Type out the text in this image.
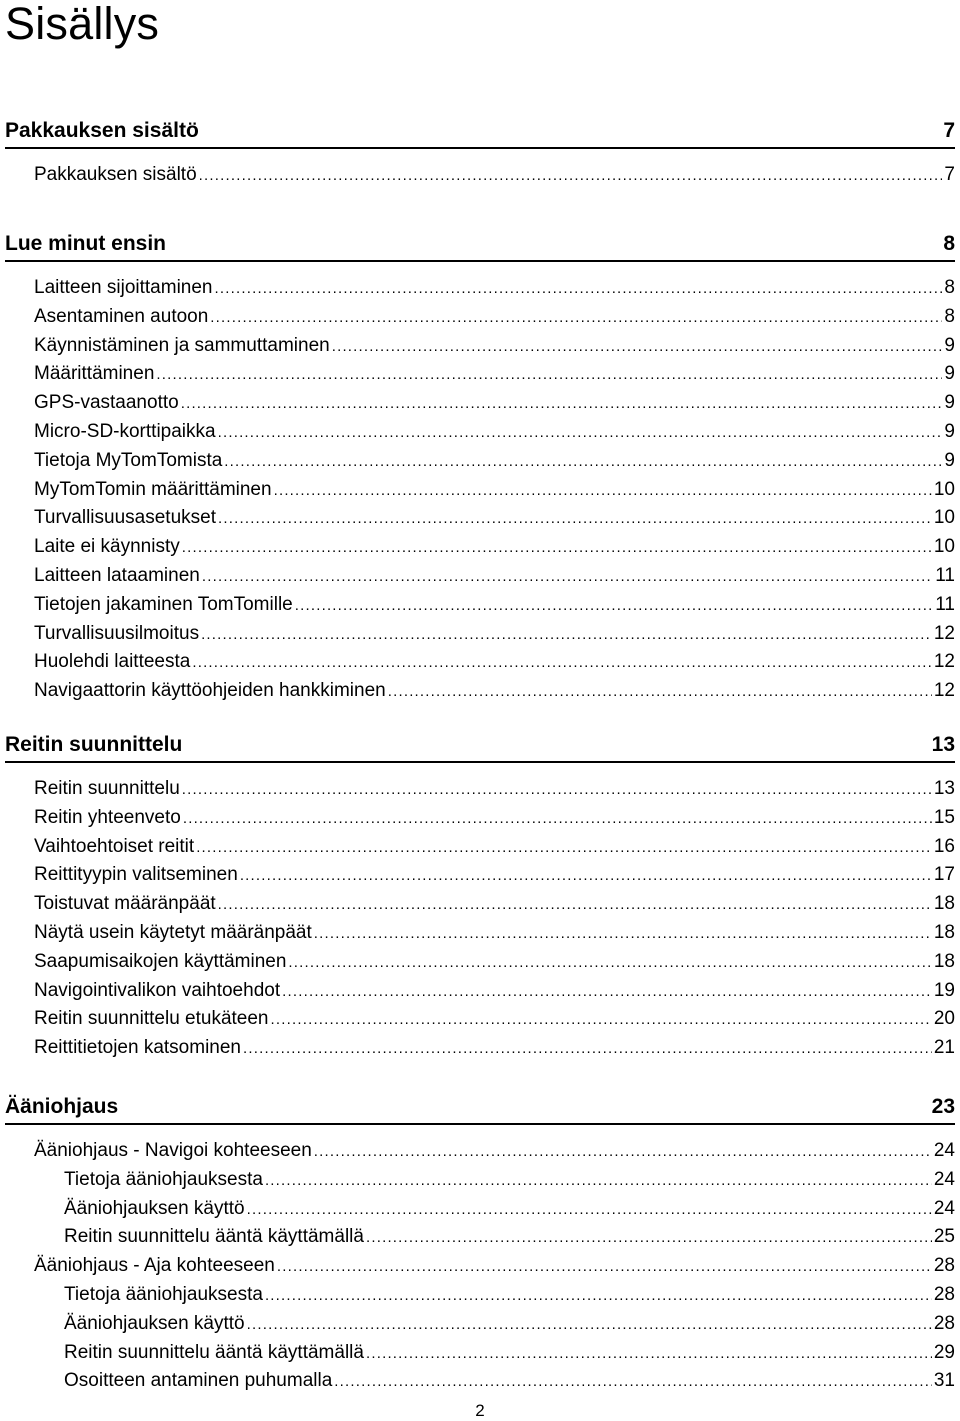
Sisällys
Pakkauksen sisältö	7
Pakkauksen sisältö .....	7
Lue minut ensin	8
Laitteen sijoittaminen .....	8
Asentaminen autoon .....	8
Käynnistäminen ja sammuttaminen .....	9
Määrittäminen .....	9
GPS-vastaanotto .....	9
Micro-SD-korttipaikka .....	9
Tietoja MyTomTomista .....	9
MyTomTomin määrittäminen .....	10
Turvallisuusasetukset .....	10
Laite ei käynnisty .....	10
Laitteen lataaminen .....	11
Tietojen jakaminen TomTomille .....	11
Turvallisuusilmoitus .....	12
Huolehdi laitteesta .....	12
Navigaattorin käyttöohjeiden hankkiminen .....	12
Reitin suunnittelu	13
Reitin suunnittelu .....	13
Reitin yhteenveto .....	15
Vaihtoehtoiset reitit .....	16
Reittityypin valitseminen .....	17
Toistuvat määränpäät .....	18
Näytä usein käytetyt määränpäät .....	18
Saapumisaikojen käyttäminen .....	18
Navigointivalikon vaihtoehdot .....	19
Reitin suunnittelu etukäteen .....	20
Reittitietojen katsominen .....	21
Ääniohjaus	23
Ääniohjaus - Navigoi kohteeseen .....	24
Tietoja ääniohjauksesta .....	24
Ääniohjauksen käyttö .....	24
Reitin suunnittelu ääntä käyttämällä .....	25
Ääniohjaus - Aja kohteeseen .....	28
Tietoja ääniohjauksesta .....	28
Ääniohjauksen käyttö .....	28
Reitin suunnittelu ääntä käyttämällä .....	29
Osoitteen antaminen puhumalla .....	31
2
